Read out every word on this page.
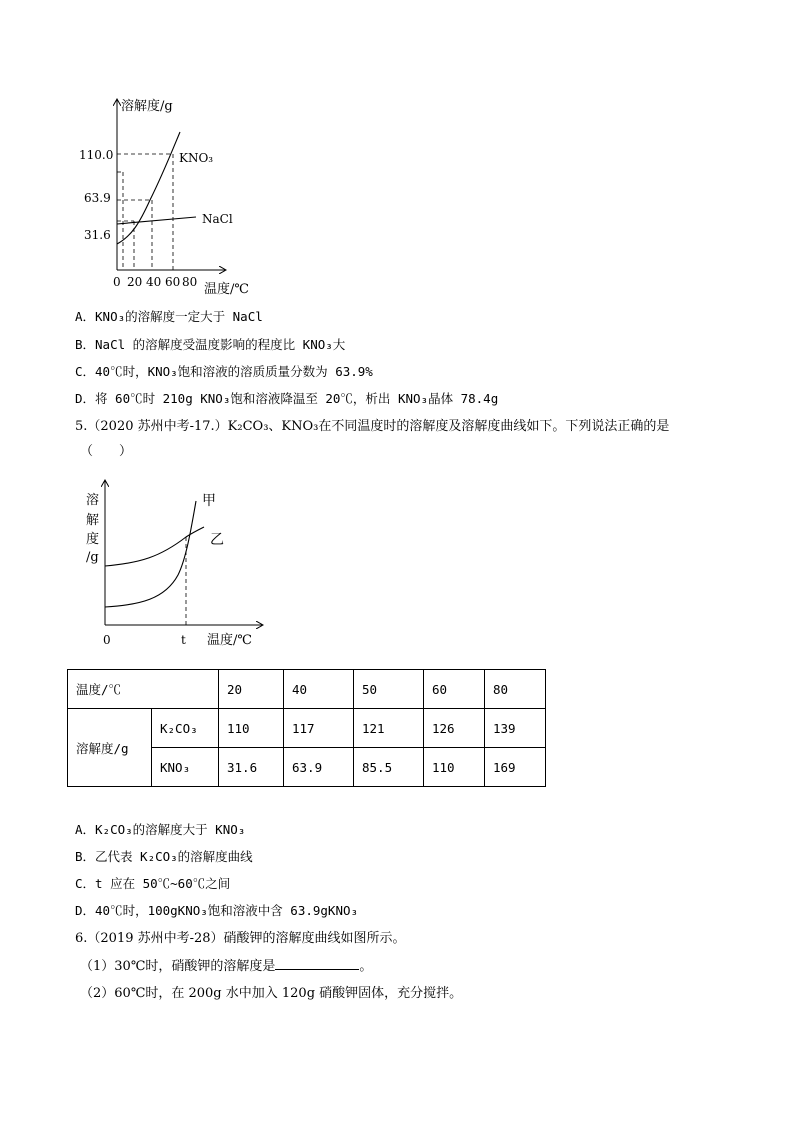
溶解度/g
110.0
63.9
31.6
0 20 40 60 80 温度/℃
KNO₃
NaCl
A．KNO₃的溶解度一定大于 NaCl
B．NaCl 的溶解度受温度影响的程度比 KNO₃大
C．40℃时，KNO₃饱和溶液的溶质质量分数为 63.9%
D．将 60℃时 210g KNO₃饱和溶液降温至 20℃，析出 KNO₃晶体 78.4g
5.（2020 苏州中考-17.）K₂CO₃、KNO₃在不同温度时的溶解度及溶解度曲线如下。下列说法正确的是
（　　）
溶
解
度
/g
0	t 温度/℃
甲
乙
温度/℃		20	40	50	60	80
溶解度/g	K₂CO₃	110	117	121	126	139
	KNO₃	31.6	63.9	85.5	110	169
A．K₂CO₃的溶解度大于 KNO₃
B．乙代表 K₂CO₃的溶解度曲线
C．t 应在 50℃~60℃之间
D．40℃时，100gKNO₃饱和溶液中含 63.9gKNO₃
6.（2019 苏州中考-28）硝酸钾的溶解度曲线如图所示。
（1）30℃时，硝酸钾的溶解度是	。
（2）60℃时，在 200g 水中加入 120g 硝酸钾固体，充分搅拌。
